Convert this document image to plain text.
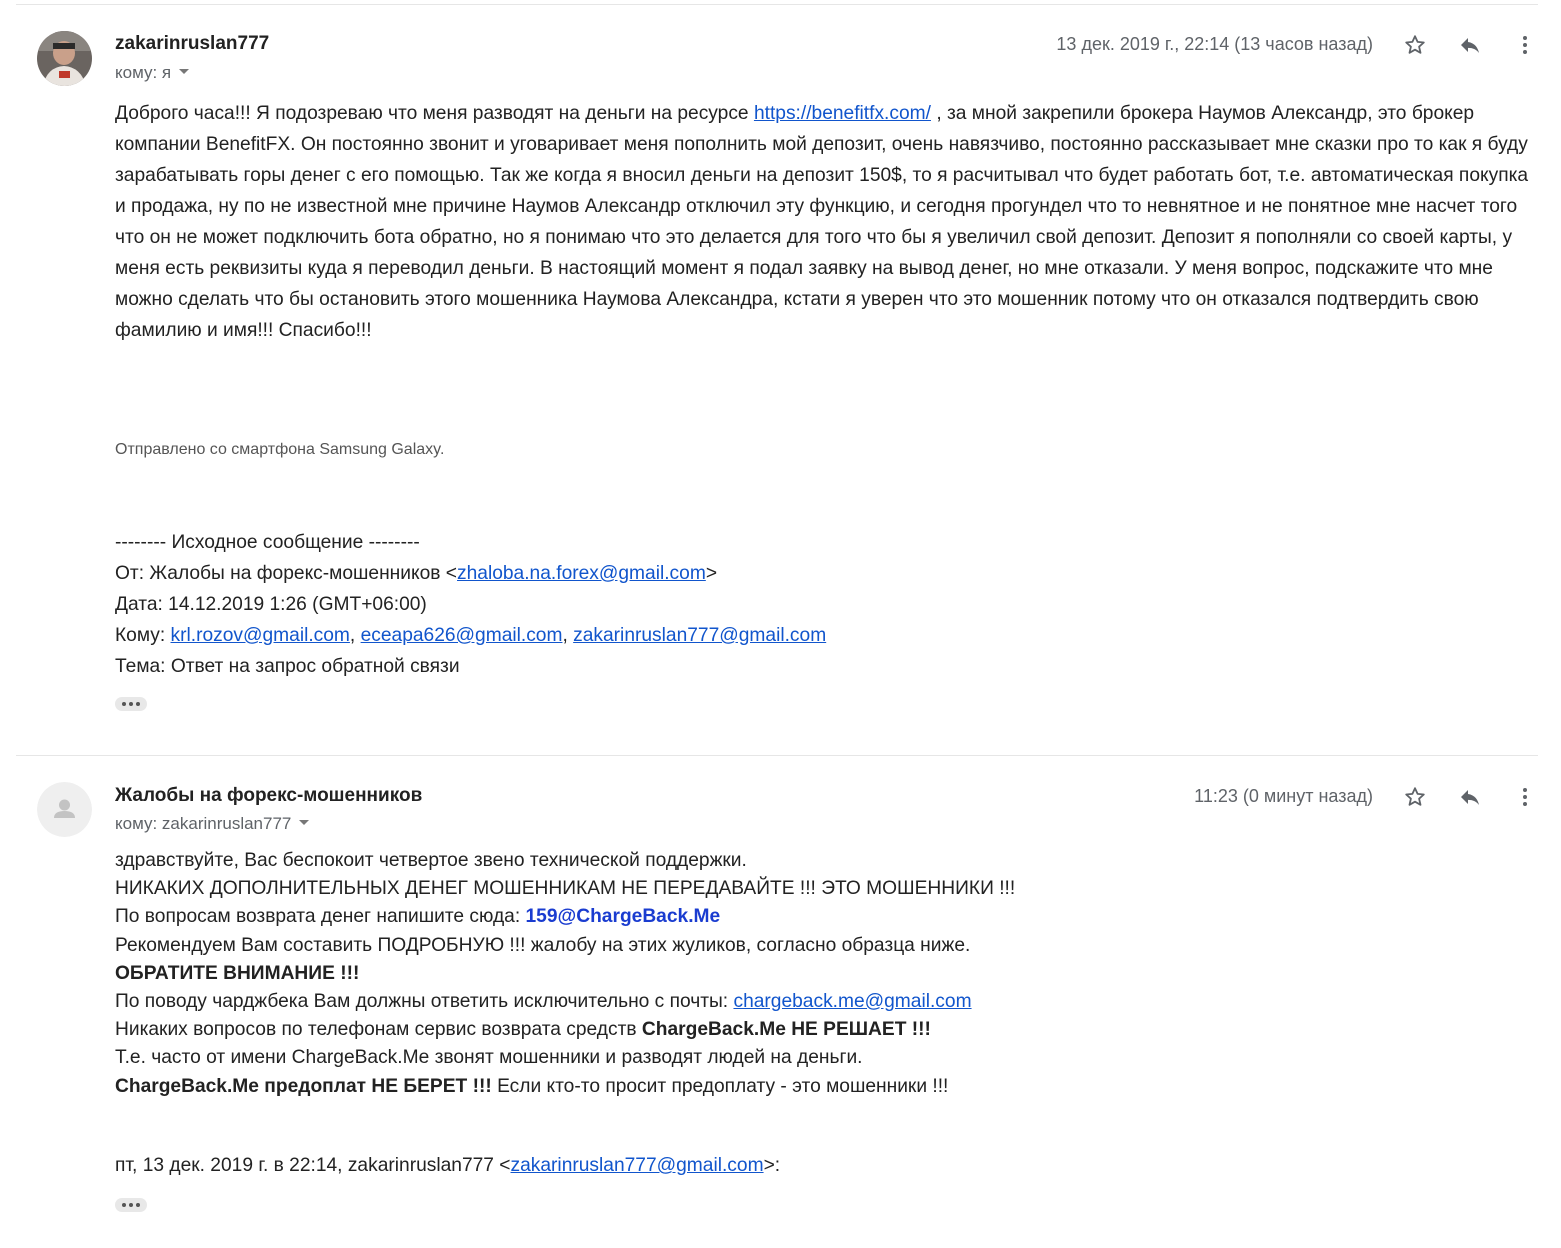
zakarinruslan777
кому: я
13 дек. 2019 г., 22:14 (13 часов назад)

Доброго часа!!! Я подозреваю что меня разводят на деньги на ресурсе https://benefitfx.com/ , за мной закрепили брокера Наумов Александр, это брокер компании BenefitFX. Он постоянно звонит и уговаривает меня пополнить мой депозит, очень навязчиво, постоянно рассказывает мне сказки про то как я буду зарабатывать горы денег с его помощью. Так же когда я вносил деньги на депозит 150$, то я расчитывал что будет работать бот, т.е. автоматическая покупка и продажа, ну по не известной мне причине Наумов Александр отключил эту функцию, и сегодня прогундел что то невнятное и не понятное мне насчет того что он не может подключить бота обратно, но я понимаю что это делается для того что бы я увеличил свой депозит. Депозит я пополняли со своей карты, у меня есть реквизиты куда я переводил деньги. В настоящий момент я подал заявку на вывод денег, но мне отказали. У меня вопрос, подскажите что мне можно сделать что бы остановить этого мошенника Наумова Александра, кстати я уверен что это мошенник потому что он отказался подтвердить свою фамилию и имя!!! Спасибо!!!

Отправлено со смартфона Samsung Galaxy.
-------- Исходное сообщение --------
От: Жалобы на форекс-мошенников <zhaloba.na.forex@gmail.com>
Дата: 14.12.2019 1:26 (GMT+06:00)
Кому: krl.rozov@gmail.com, eceapa626@gmail.com, zakarinruslan777@gmail.com
Тема: Ответ на запрос обратной связи
Жалобы на форекс-мошенников
кому: zakarinruslan777
11:23 (0 минут назад)
здравствуйте, Вас беспокоит четвертое звено технической поддержки.
НИКАКИХ ДОПОЛНИТЕЛЬНЫХ ДЕНЕГ МОШЕННИКАМ НЕ ПЕРЕДАВАЙТЕ !!! ЭТО МОШЕННИКИ !!!
По вопросам возврата денег напишите сюда: 159@ChargeBack.Me
Рекомендуем Вам составить ПОДРОБНУЮ !!! жалобу на этих жуликов, согласно образца ниже.
ОБРАТИТЕ ВНИМАНИЕ !!!
По поводу чарджбека Вам должны ответить исключительно с почты: chargeback.me@gmail.com
Никаких вопросов по телефонам сервис возврата средств ChargeBack.Me НЕ РЕШАЕТ !!!
Т.е. часто от имени ChargeBack.Me звонят мошенники и разводят людей на деньги.
ChargeBack.Me предоплат НЕ БЕРЕТ !!! Если кто-то просит предоплату - это мошенники !!!
пт, 13 дек. 2019 г. в 22:14, zakarinruslan777 <zakarinruslan777@gmail.com>:
